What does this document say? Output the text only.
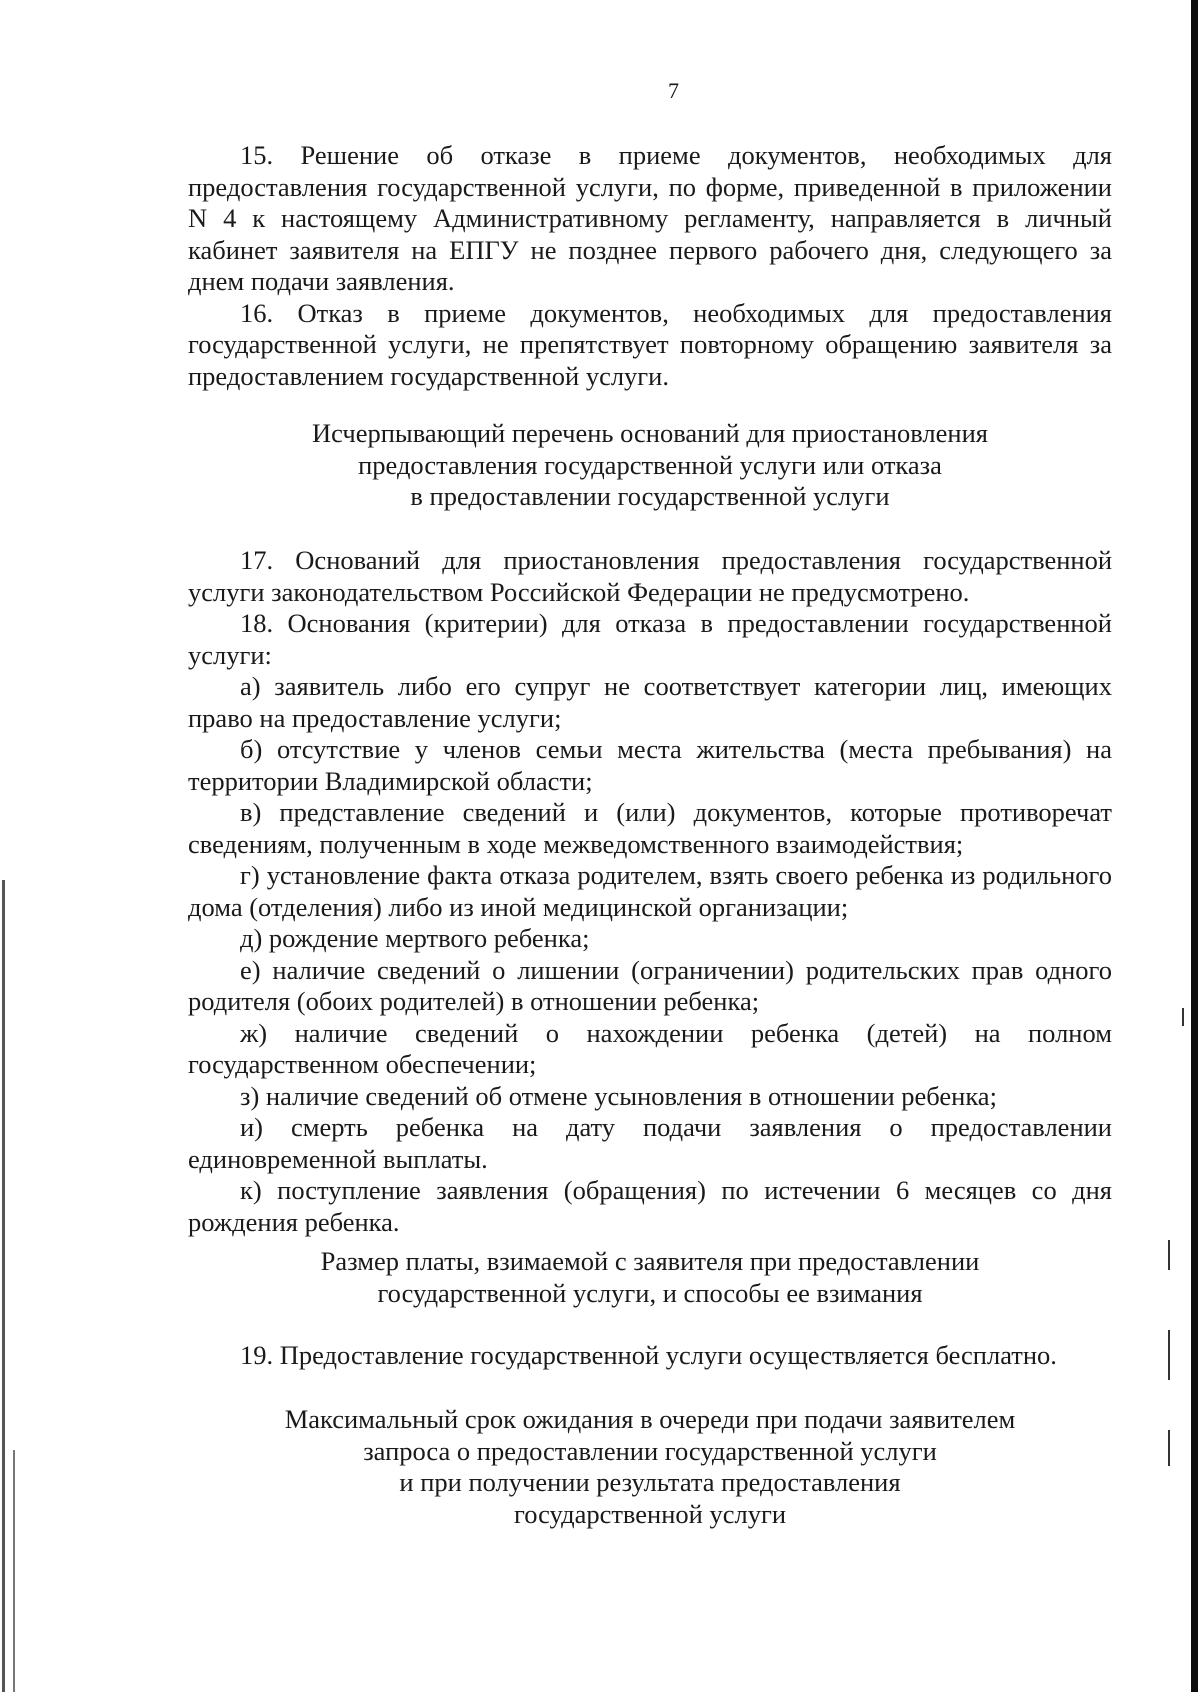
7

15. Решение об отказе в приеме документов, необходимых для предоставления государственной услуги, по форме, приведенной в приложении N 4 к настоящему Административному регламенту, направляется в личный кабинет заявителя на ЕПГУ не позднее первого рабочего дня, следующего за днем подачи заявления.

16. Отказ в приеме документов, необходимых для предоставления государственной услуги, не препятствует повторному обращению заявителя за предоставлением государственной услуги.

Исчерпывающий перечень оснований для приостановления
предоставления государственной услуги или отказа
в предоставлении государственной услуги

17. Оснований для приостановления предоставления государственной услуги законодательством Российской Федерации не предусмотрено.

18. Основания (критерии) для отказа в предоставлении государственной услуги:

а) заявитель либо его супруг не соответствует категории лиц, имеющих право на предоставление услуги;

б) отсутствие у членов семьи места жительства (места пребывания) на территории Владимирской области;

в) представление сведений и (или) документов, которые противоречат сведениям, полученным в ходе межведомственного взаимодействия;

г) установление факта отказа родителем, взять своего ребенка из родильного дома (отделения) либо из иной медицинской организации;

д) рождение мертвого ребенка;

е) наличие сведений о лишении (ограничении) родительских прав одного родителя (обоих родителей) в отношении ребенка;

ж) наличие сведений о нахождении ребенка (детей) на полном государственном обеспечении;

з) наличие сведений об отмене усыновления в отношении ребенка;

и) смерть ребенка на дату подачи заявления о предоставлении единовременной выплаты.

к) поступление заявления (обращения) по истечении 6 месяцев со дня рождения ребенка.

Размер платы, взимаемой с заявителя при предоставлении
государственной услуги, и способы ее взимания

19. Предоставление государственной услуги осуществляется бесплатно.

Максимальный срок ожидания в очереди при подачи заявителем
запроса о предоставлении государственной услуги
и при получении результата предоставления
государственной услуги
